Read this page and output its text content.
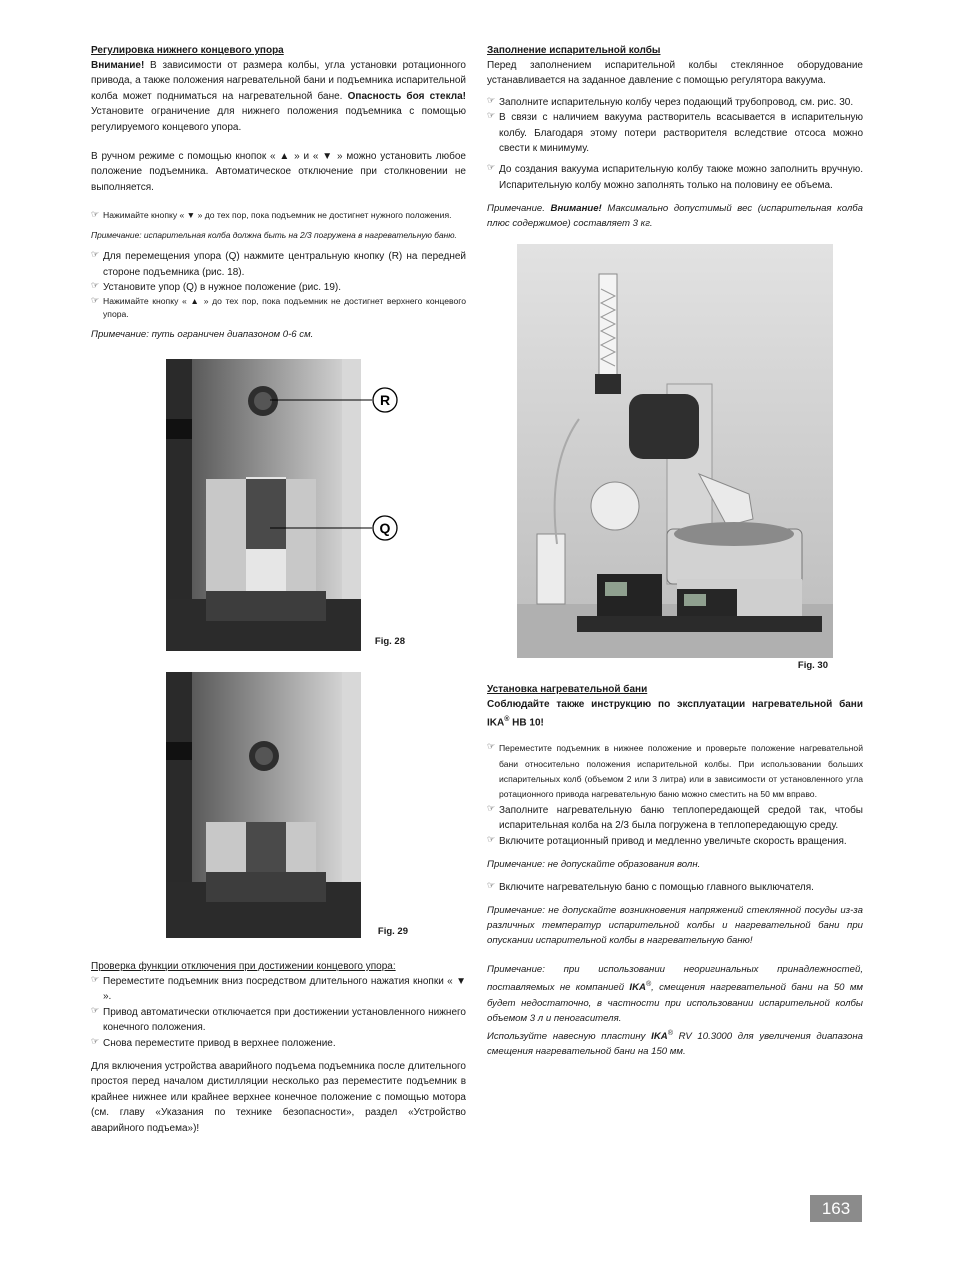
Регулировка нижнего концевого упора

Внимание! В зависимости от размера колбы, угла установки ротационного привода, а также положения нагревательной бани и подъемника испарительной колба может подниматься на нагревательной бане. Опасность боя стекла! Установите ограничение для нижнего положения подъемника с помощью регулируемого концевого упора.

В ручном режиме с помощью кнопок « ▲ » и « ▼ » можно установить любое положение подъемника. Автоматическое отключение при столкновении не выполняется.

☞ Нажимайте кнопку « ▼ » до тех пор, пока подъемник не достигнет нужного положения.

Примечание: испарительная колба должна быть на 2/3 погружена в нагревательную баню.

☞ Для перемещения упора (Q) нажмите центральную кнопку (R) на передней стороне подъемника (рис. 18).

☞ Установите упор (Q) в нужное положение (рис. 19).

☞ Нажимайте кнопку « ▲ » до тех пор, пока подъемник не достигнет верхнего концевого упора.

Примечание: путь ограничен диапазоном 0-6 см.

R
Q
Fig. 28
Fig. 29

Проверка функции отключения при достижении концевого упора:

☞ Переместите подъемник вниз посредством длительного нажатия кнопки « ▼ ».

☞ Привод автоматически отключается при достижении установленного нижнего конечного положения.

☞ Снова переместите привод в верхнее положение.

Для включения устройства аварийного подъема подъемника после длительного простоя перед началом дистилляции несколько раз переместите подъемник в крайнее нижнее или крайнее верхнее конечное положение с помощью мотора (см. главу «Указания по технике безопасности», раздел «Устройство аварийного подъема»)!

Заполнение испарительной колбы

Перед заполнением испарительной колбы стеклянное оборудование устанавливается на заданное давление с помощью регулятора вакуума.

☞ Заполните испарительную колбу через подающий трубопровод, см. рис. 30.

☞ В связи с наличием вакуума растворитель всасывается в испарительную колбу. Благодаря этому потери растворителя вследствие отсоса можно свести к минимуму.

☞ До создания вакуума испарительную колбу также можно заполнить вручную. Испарительную колбу можно заполнять только на половину ее объема.

Примечание. Внимание! Максимально допустимый вес (испарительная колба плюс содержимое) составляет 3 кг.

Fig. 30

Установка нагревательной бани

Соблюдайте также инструкцию по эксплуатации нагревательной бани IKA® HB 10!

☞ Переместите подъемник в нижнее положение и проверьте положение нагревательной бани относительно положения испарительной колбы. При использовании больших испарительных колб (объемом 2 или 3 литра) или в зависимости от установленного угла ротационного привода нагревательную баню можно сместить на 50 мм вправо.

☞ Заполните нагревательную баню теплопередающей средой так, чтобы испарительная колба на 2/3 была погружена в теплопередающую среду.

☞ Включите ротационный привод и медленно увеличьте скорость вращения.

Примечание: не допускайте образования волн.

☞ Включите нагревательную баню с помощью главного выключателя.

Примечание: не допускайте возникновения напряжений стеклянной посуды из-за различных температур испарительной колбы и нагревательной бани при опускании испарительной колбы в нагревательную баню!

Примечание: при использовании неоригинальных принадлежностей, поставляемых не компанией IKA®, смещения нагревательной бани на 50 мм будет недостаточно, в частности при использовании испарительной колбы объемом 3 л и пеногасителя.

Используйте навесную пластину IKA® RV 10.3000 для увеличения диапазона смещения нагревательной бани на 150 мм.

163
